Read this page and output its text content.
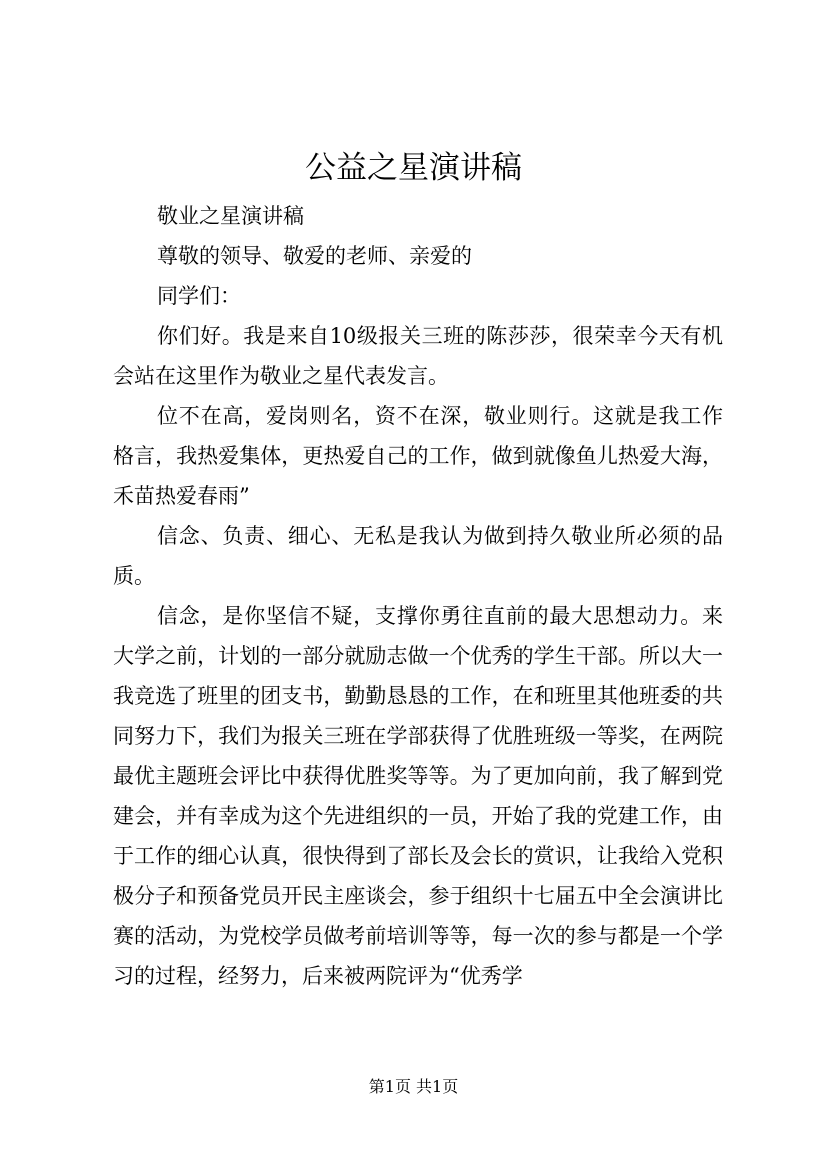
公益之星演讲稿

敬业之星演讲稿

尊敬的领导、敬爱的老师、亲爱的

同学们：

你们好。我是来自10级报关三班的陈莎莎，很荣幸今天有机会站在这里作为敬业之星代表发言。

位不在高，爱岗则名，资不在深，敬业则行。这就是我工作格言，我热爱集体，更热爱自己的工作，做到就像鱼儿热爱大海，禾苗热爱春雨”

信念、负责、细心、无私是我认为做到持久敬业所必须的品质。

信念，是你坚信不疑，支撑你勇往直前的最大思想动力。来大学之前，计划的一部分就励志做一个优秀的学生干部。所以大一我竞选了班里的团支书，勤勤恳恳的工作，在和班里其他班委的共同努力下，我们为报关三班在学部获得了优胜班级一等奖，在两院最优主题班会评比中获得优胜奖等等。为了更加向前，我了解到党建会，并有幸成为这个先进组织的一员，开始了我的党建工作，由于工作的细心认真，很快得到了部长及会长的赏识，让我给入党积极分子和预备党员开民主座谈会，参于组织十七届五中全会演讲比赛的活动，为党校学员做考前培训等等，每一次的参与都是一个学习的过程，经努力，后来被两院评为“优秀学

第1页 共1页
